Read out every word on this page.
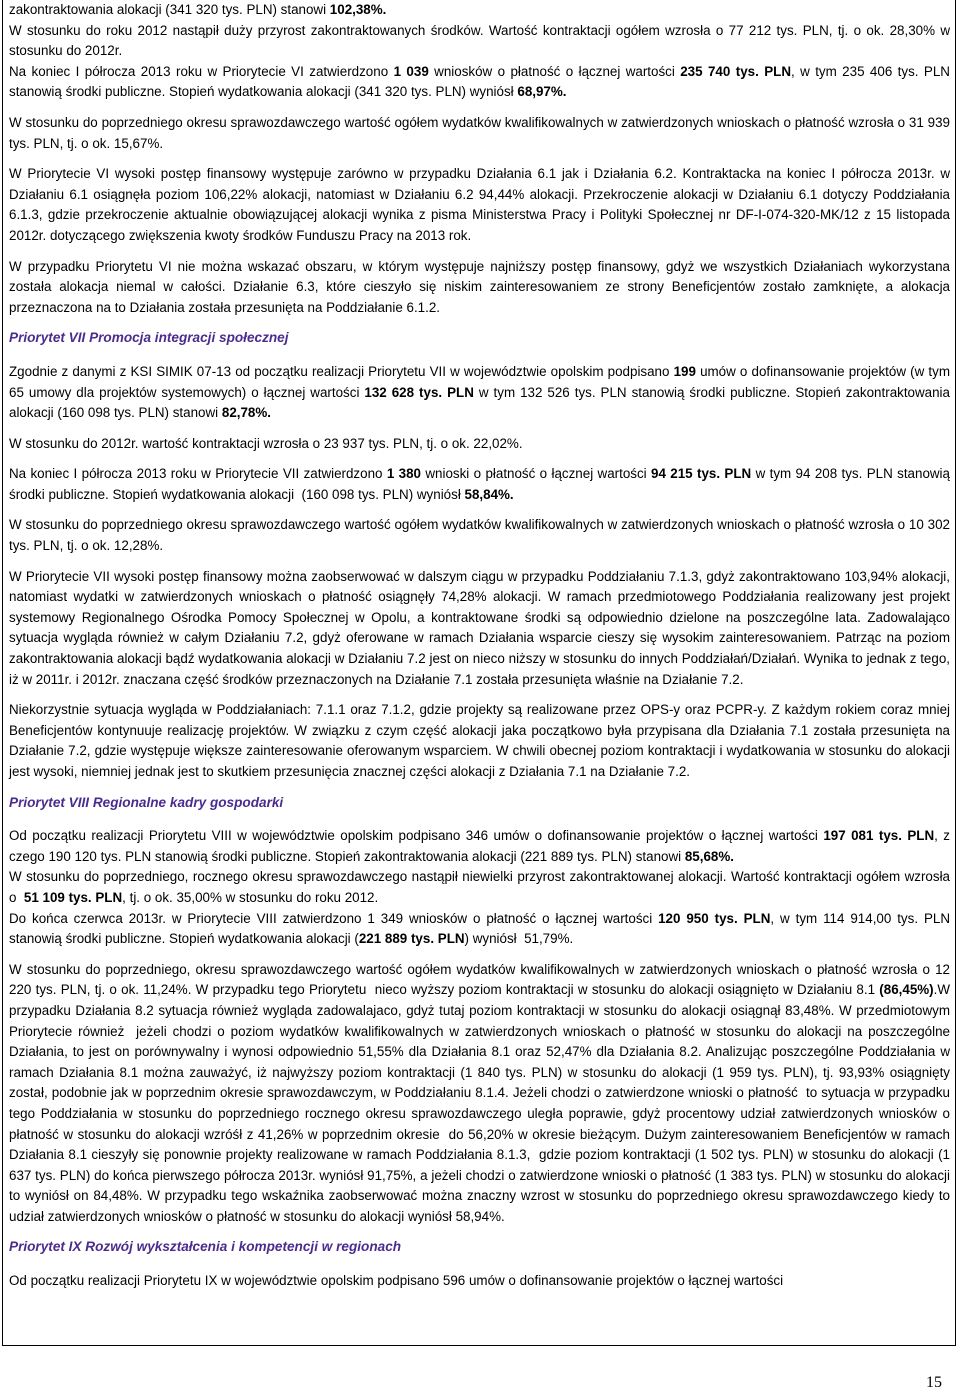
zakontraktowania alokacji (341 320 tys. PLN) stanowi 102,38%.

W stosunku do roku 2012 nastąpił duży przyrost zakontraktowanych środków. Wartość kontraktacji ogółem wzrosła o 77 212 tys. PLN, tj. o ok. 28,30% w stosunku do 2012r.

Na koniec I półrocza 2013 roku w Priorytecie VI zatwierdzono 1 039 wniosków o płatność o łącznej wartości 235 740 tys. PLN, w tym 235 406 tys. PLN stanowią środki publiczne. Stopień wydatkowania alokacji (341 320 tys. PLN) wyniósł 68,97%.

W stosunku do poprzedniego okresu sprawozdawczego wartość ogółem wydatków kwalifikowalnych w zatwierdzonych wnioskach o płatność wzrosła o 31 939 tys. PLN, tj. o ok. 15,67%.

W Priorytecie VI wysoki postęp finansowy występuje zarówno w przypadku Działania 6.1 jak i Działania 6.2. Kontraktacka na koniec I półrocza 2013r. w Działaniu 6.1 osiągnęła poziom 106,22% alokacji, natomiast w Działaniu 6.2 94,44% alokacji. Przekroczenie alokacji w Działaniu 6.1 dotyczy Poddziałania 6.1.3, gdzie przekroczenie aktualnie obowiązującej alokacji wynika z pisma Ministerstwa Pracy i Polityki Społecznej nr DF-I-074-320-MK/12 z 15 listopada 2012r. dotyczącego zwiększenia kwoty środków Funduszu Pracy na 2013 rok.

W przypadku Priorytetu VI nie można wskazać obszaru, w którym występuje najniższy postęp finansowy, gdyż we wszystkich Działaniach wykorzystana została alokacja niemal w całości. Działanie 6.3, które cieszyło się niskim zainteresowaniem ze strony Beneficjentów zostało zamknięte, a alokacja przeznaczona na to Działania została przesunięta na Poddziałanie 6.1.2.

Priorytet VII Promocja integracji społecznej

Zgodnie z danymi z KSI SIMIK 07-13 od początku realizacji Priorytetu VII w województwie opolskim podpisano 199 umów o dofinansowanie projektów (w tym 65 umowy dla projektów systemowych) o łącznej wartości 132 628 tys. PLN w tym 132 526 tys. PLN stanowią środki publiczne. Stopień zakontraktowania alokacji (160 098 tys. PLN) stanowi 82,78%.

W stosunku do 2012r. wartość kontraktacji wzrosła o 23 937 tys. PLN, tj. o ok. 22,02%.

Na koniec I półrocza 2013 roku w Priorytecie VII zatwierdzono 1 380 wnioski o płatność o łącznej wartości 94 215 tys. PLN w tym 94 208 tys. PLN stanowią środki publiczne. Stopień wydatkowania alokacji  (160 098 tys. PLN) wyniósł 58,84%.

W stosunku do poprzedniego okresu sprawozdawczego wartość ogółem wydatków kwalifikowalnych w zatwierdzonych wnioskach o płatność wzrosła o 10 302 tys. PLN, tj. o ok. 12,28%.

W Priorytecie VII wysoki postęp finansowy można zaobserwować w dalszym ciągu w przypadku Poddziałaniu 7.1.3, gdyż zakontraktowano 103,94% alokacji, natomiast wydatki w zatwierdzonych wnioskach o płatność osiągnęły 74,28% alokacji. W ramach przedmiotowego Poddziałania realizowany jest projekt systemowy Regionalnego Ośrodka Pomocy Społecznej w Opolu, a kontraktowane środki są odpowiednio dzielone na poszczególne lata. Zadowalająco sytuacja wygląda również w całym Działaniu 7.2, gdyż oferowane w ramach Działania wsparcie cieszy się wysokim zainteresowaniem. Patrząc na poziom zakontraktowania alokacji bądź wydatkowania alokacji w Działaniu 7.2 jest on nieco niższy w stosunku do innych Poddziałań/Działań. Wynika to jednak z tego, iż w 2011r. i 2012r. znaczana część środków przeznaczonych na Działanie 7.1 została przesunięta właśnie na Działanie 7.2.

Niekorzystnie sytuacja wygląda w Poddziałaniach: 7.1.1 oraz 7.1.2, gdzie projekty są realizowane przez OPS-y oraz PCPR-y. Z każdym rokiem coraz mniej Beneficjentów kontynuuje realizację projektów. W związku z czym część alokacji jaka początkowo była przypisana dla Działania 7.1 została przesunięta na Działanie 7.2, gdzie występuje większe zainteresowanie oferowanym wsparciem. W chwili obecnej poziom kontraktacji i wydatkowania w stosunku do alokacji jest wysoki, niemniej jednak jest to skutkiem przesunięcia znacznej części alokacji z Działania 7.1 na Działanie 7.2.

Priorytet VIII Regionalne kadry gospodarki

Od początku realizacji Priorytetu VIII w województwie opolskim podpisano 346 umów o dofinansowanie projektów o łącznej wartości 197 081 tys. PLN, z czego 190 120 tys. PLN stanowią środki publiczne. Stopień zakontraktowania alokacji (221 889 tys. PLN) stanowi 85,68%.

W stosunku do poprzedniego, rocznego okresu sprawozdawczego nastąpił niewielki przyrost zakontraktowanej alokacji. Wartość kontraktacji ogółem wzrosła o  51 109 tys. PLN, tj. o ok. 35,00% w stosunku do roku 2012.

Do końca czerwca 2013r. w Priorytecie VIII zatwierdzono 1 349 wniosków o płatność o łącznej wartości 120 950 tys. PLN, w tym 114 914,00 tys. PLN stanowią środki publiczne. Stopień wydatkowania alokacji (221 889 tys. PLN) wyniósł  51,79%.

W stosunku do poprzedniego, okresu sprawozdawczego wartość ogółem wydatków kwalifikowalnych w zatwierdzonych wnioskach o płatność wzrosła o 12 220 tys. PLN, tj. o ok. 11,24%. W przypadku tego Priorytetu  nieco wyższy poziom kontraktacji w stosunku do alokacji osiągnięto w Działaniu 8.1 (86,45%).W przypadku Działania 8.2 sytuacja również wygląda zadowalajaco, gdyż tutaj poziom kontraktacji w stosunku do alokacji osiągnął 83,48%. W przedmiotowym Priorytecie również  jeżeli chodzi o poziom wydatków kwalifikowalnych w zatwierdzonych wnioskach o płatność w stosunku do alokacji na poszczególne Działania, to jest on porównywalny i wynosi odpowiednio 51,55% dla Działania 8.1 oraz 52,47% dla Działania 8.2. Analizując poszczególne Poddziałania w ramach Działania 8.1 można zauważyć, iż najwyższy poziom kontraktacji (1 840 tys. PLN) w stosunku do alokacji (1 959 tys. PLN), tj. 93,93% osiągnięty został, podobnie jak w poprzednim okresie sprawozdawczym, w Poddziałaniu 8.1.4. Jeżeli chodzi o zatwierdzone wnioski o płatność  to sytuacja w przypadku tego Poddziałania w stosunku do poprzedniego rocznego okresu sprawozdawczego uległa poprawie, gdyż procentowy udział zatwierdzonych wniosków o płatność w stosunku do alokacji wzróśł z 41,26% w poprzednim okresie  do 56,20% w okresie bieżącym. Dużym zainteresowaniem Beneficjentów w ramach Działania 8.1 cieszyły się ponownie projekty realizowane w ramach Poddziałania 8.1.3,  gdzie poziom kontraktacji (1 502 tys. PLN) w stosunku do alokacji (1 637 tys. PLN) do końca pierwszego półrocza 2013r. wyniósł 91,75%, a jeżeli chodzi o zatwierdzone wnioski o płatność (1 383 tys. PLN) w stosunku do alokacji to wyniósł on 84,48%. W przypadku tego wskaźnika zaobserwować można znaczny wzrost w stosunku do poprzedniego okresu sprawozdawczego kiedy to udział zatwierdzonych wniosków o płatność w stosunku do alokacji wyniósł 58,94%.

Priorytet IX Rozwój wykształcenia i kompetencji w regionach

Od początku realizacji Priorytetu IX w województwie opolskim podpisano 596 umów o dofinansowanie projektów o łącznej wartości

15
